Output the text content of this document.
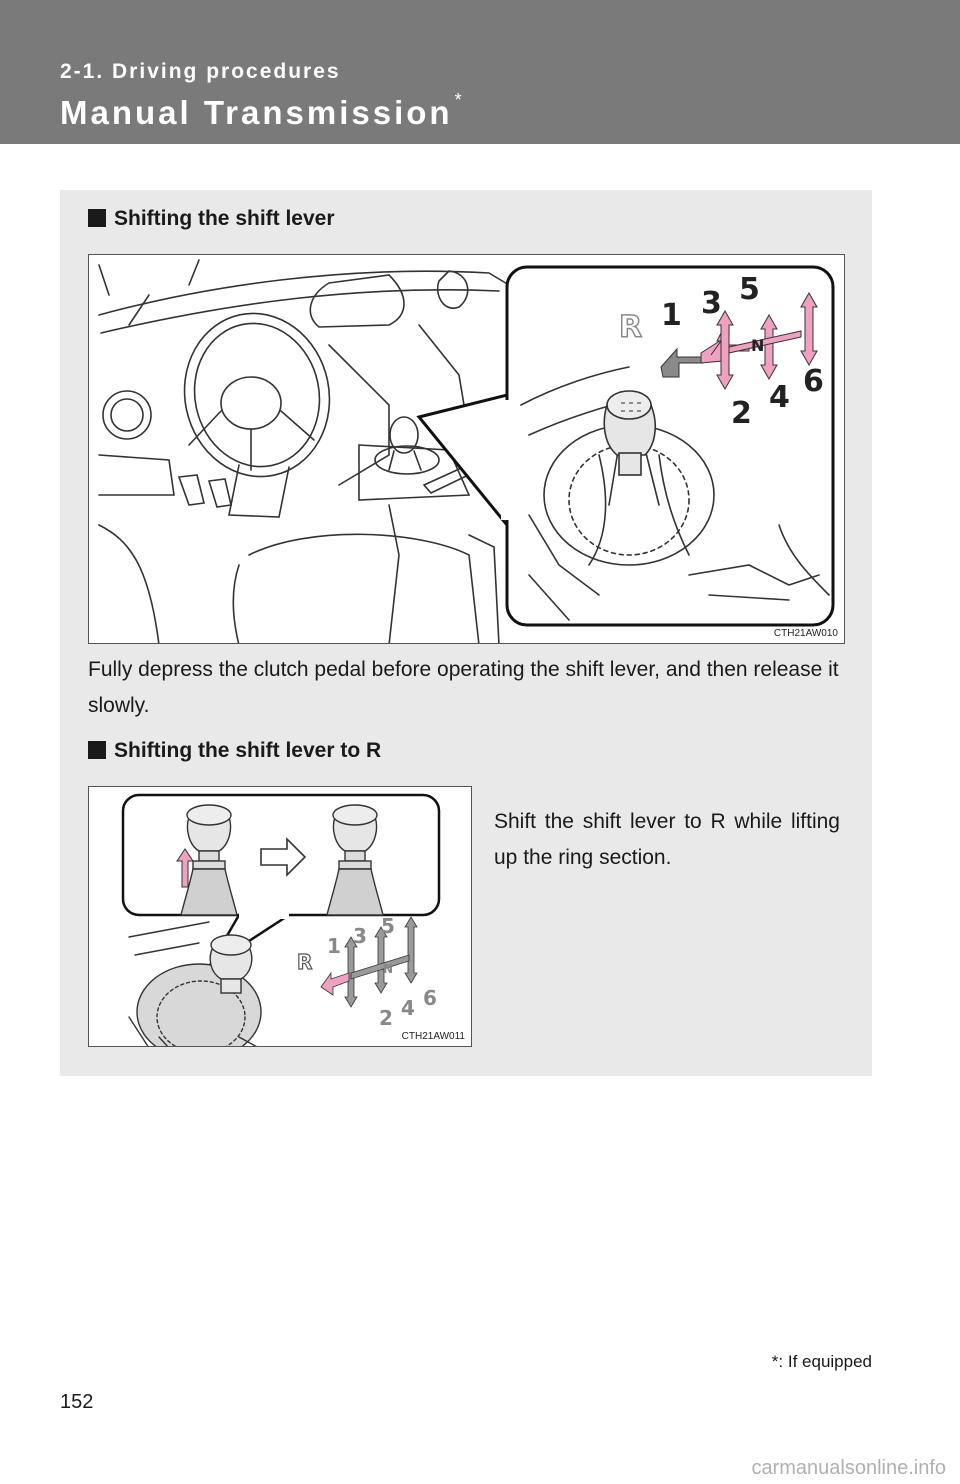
2-1. Driving procedures
Manual Transmission *
Shifting the shift lever
R 1 3 5
N
2 4 6
CTH21AW010
Fully depress the clutch pedal before operating the shift lever, and then release it slowly.
Shifting the shift lever to R
R
1 3 5
N
2 4 6
CTH21AW011
Shift the shift lever to R while lifting up the ring section.
*: If equipped
152
carmanualsonline.info
